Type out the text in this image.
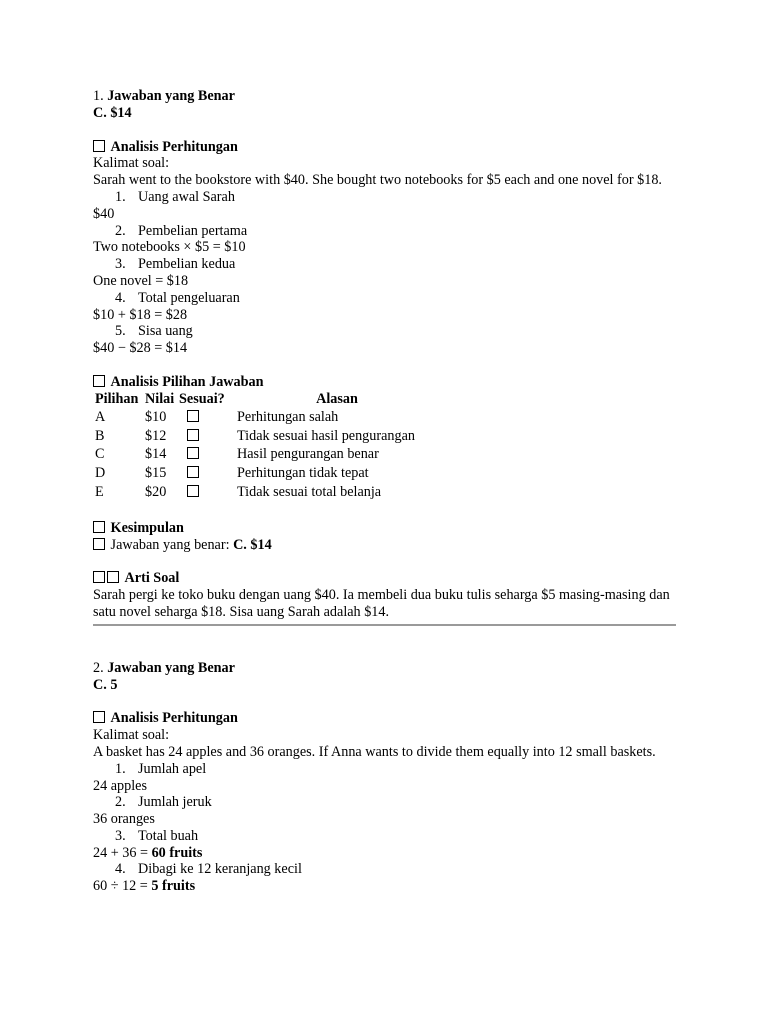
1. Jawaban yang Benar
C. $14
Analisis Perhitungan
Kalimat soal:
Sarah went to the bookstore with $40. She bought two notebooks for $5 each and one novel for $18.
1. Uang awal Sarah
$40
2. Pembelian pertama
Two notebooks × $5 = $10
3. Pembelian kedua
One novel = $18
4. Total pengeluaran
$10 + $18 = $28
5. Sisa uang
$40 − $28 = $14
Analisis Pilihan Jawaban
Pilihan	Nilai	Sesuai?	Alasan
A	$10		Perhitungan salah
B	$12		Tidak sesuai hasil pengurangan
C	$14		Hasil pengurangan benar
D	$15		Perhitungan tidak tepat
E	$20		Tidak sesuai total belanja
Kesimpulan
Jawaban yang benar: C. $14
Arti Soal
Sarah pergi ke toko buku dengan uang $40. Ia membeli dua buku tulis seharga $5 masing-masing dan satu novel seharga $18. Sisa uang Sarah adalah $14.
2. Jawaban yang Benar
C. 5
Analisis Perhitungan
Kalimat soal:
A basket has 24 apples and 36 oranges. If Anna wants to divide them equally into 12 small baskets.
1. Jumlah apel
24 apples
2. Jumlah jeruk
36 oranges
3. Total buah
24 + 36 = 60 fruits
4. Dibagi ke 12 keranjang kecil
60 ÷ 12 = 5 fruits
